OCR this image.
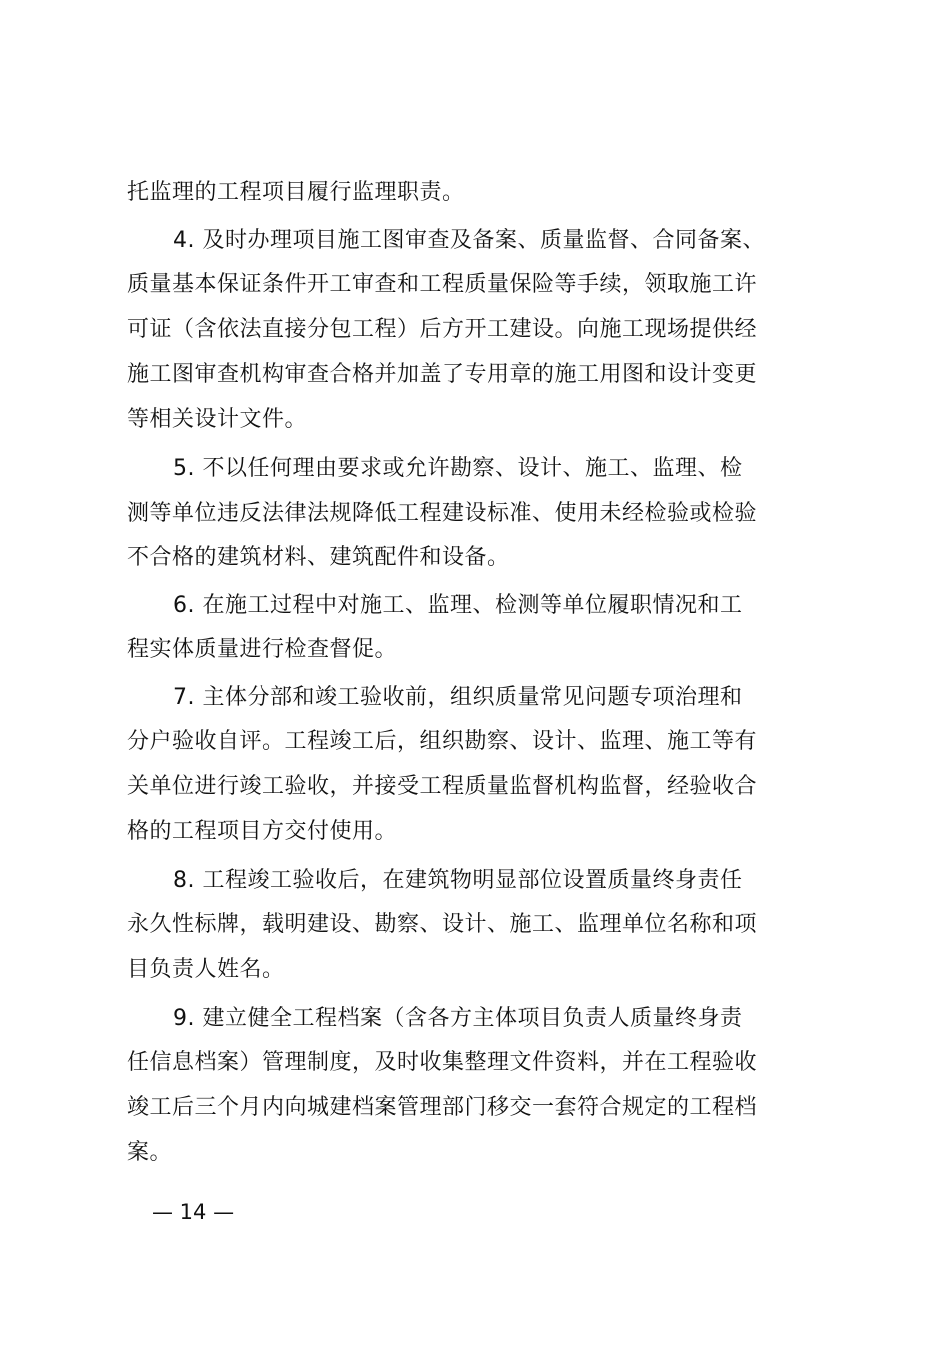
托监理的工程项目履行监理职责。
4. 及时办理项目施工图审查及备案、质量监督、合同备案、
质量基本保证条件开工审查和工程质量保险等手续，领取施工许
可证（含依法直接分包工程）后方开工建设。向施工现场提供经
施工图审查机构审查合格并加盖了专用章的施工用图和设计变更
等相关设计文件。
5. 不以任何理由要求或允许勘察、设计、施工、监理、检
测等单位违反法律法规降低工程建设标准、使用未经检验或检验
不合格的建筑材料、建筑配件和设备。
6. 在施工过程中对施工、监理、检测等单位履职情况和工
程实体质量进行检查督促。
7. 主体分部和竣工验收前，组织质量常见问题专项治理和
分户验收自评。工程竣工后，组织勘察、设计、监理、施工等有
关单位进行竣工验收，并接受工程质量监督机构监督，经验收合
格的工程项目方交付使用。
8. 工程竣工验收后，在建筑物明显部位设置质量终身责任
永久性标牌，载明建设、勘察、设计、施工、监理单位名称和项
目负责人姓名。
9. 建立健全工程档案（含各方主体项目负责人质量终身责
任信息档案）管理制度，及时收集整理文件资料，并在工程验收
竣工后三个月内向城建档案管理部门移交一套符合规定的工程档
案。
— 14 —
